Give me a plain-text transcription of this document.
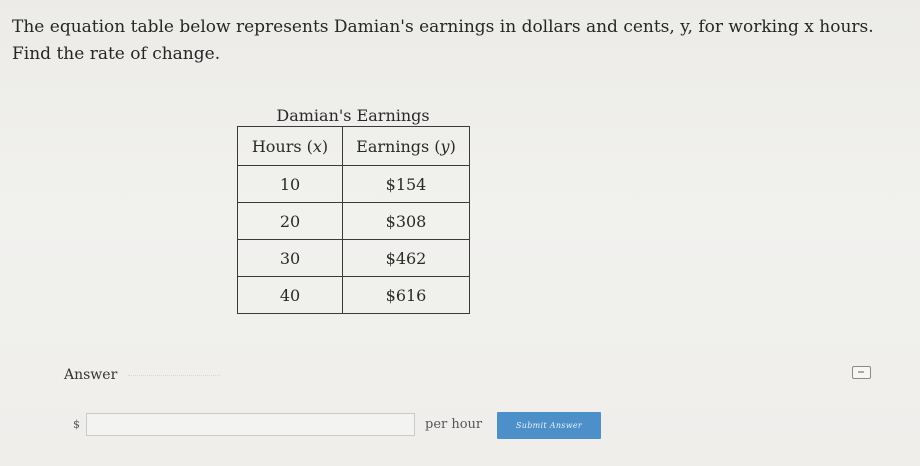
The equation table below represents Damian's earnings in dollars and cents, y, for working x hours. Find the rate of change.
Damian's Earnings
Hours (x)	Earnings (y)
10	$154
20	$308
30	$462
40	$616
Answer
$	per hour	Submit Answer
